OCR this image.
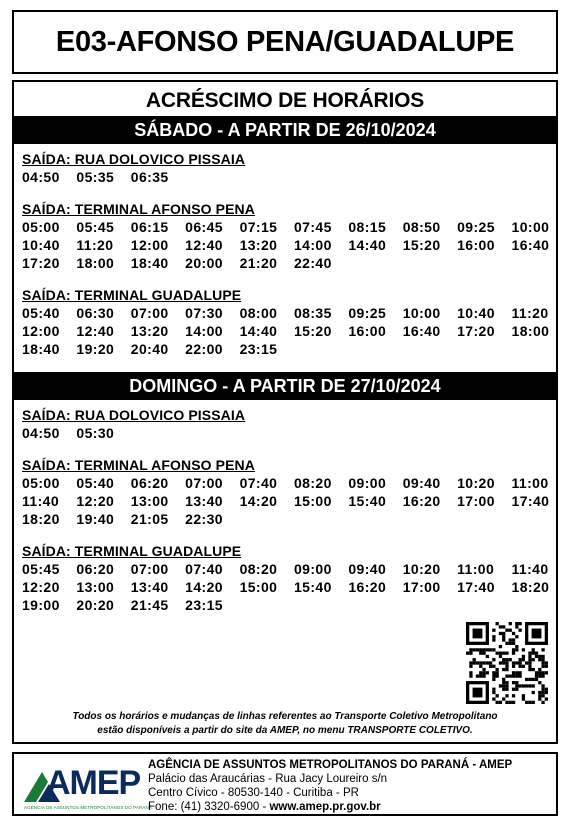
E03-AFONSO PENA/GUADALUPE
ACRÉSCIMO DE HORÁRIOS
SÁBADO - A PARTIR DE 26/10/2024
SAÍDA: RUA DOLOVICO PISSAIA
04:50	05:35	06:35
SAÍDA: TERMINAL AFONSO PENA
05:00	05:45	06:15	06:45	07:15	07:45	08:15	08:50	09:25	10:00
10:40	11:20	12:00	12:40	13:20	14:00	14:40	15:20	16:00	16:40
17:20	18:00	18:40	20:00	21:20	22:40
SAÍDA: TERMINAL GUADALUPE
05:40	06:30	07:00	07:30	08:00	08:35	09:25	10:00	10:40	11:20
12:00	12:40	13:20	14:00	14:40	15:20	16:00	16:40	17:20	18:00
18:40	19:20	20:40	22:00	23:15
DOMINGO - A PARTIR DE 27/10/2024
SAÍDA: RUA DOLOVICO PISSAIA
04:50	05:30
SAÍDA: TERMINAL AFONSO PENA
05:00	05:40	06:20	07:00	07:40	08:20	09:00	09:40	10:20	11:00
11:40	12:20	13:00	13:40	14:20	15:00	15:40	16:20	17:00	17:40
18:20	19:40	21:05	22:30
SAÍDA: TERMINAL GUADALUPE
05:45	06:20	07:00	07:40	08:20	09:00	09:40	10:20	11:00	11:40
12:20	13:00	13:40	14:20	15:00	15:40	16:20	17:00	17:40	18:20
19:00	20:20	21:45	23:15
Todos os horários e mudanças de linhas referentes ao Transporte Coletivo Metropolitano
estão disponíveis a partir do site da AMEP, no menu TRANSPORTE COLETIVO.
AMEP
AGÊNCIA DE ASSUNTOS METROPOLITANOS DO PARANÁ
AGÊNCIA DE ASSUNTOS METROPOLITANOS DO PARANÁ - AMEP
Palácio das Araucárias - Rua Jacy Loureiro s/n
Centro Cívico - 80530-140 - Curitiba - PR
Fone: (41) 3320-6900 - www.amep.pr.gov.br
